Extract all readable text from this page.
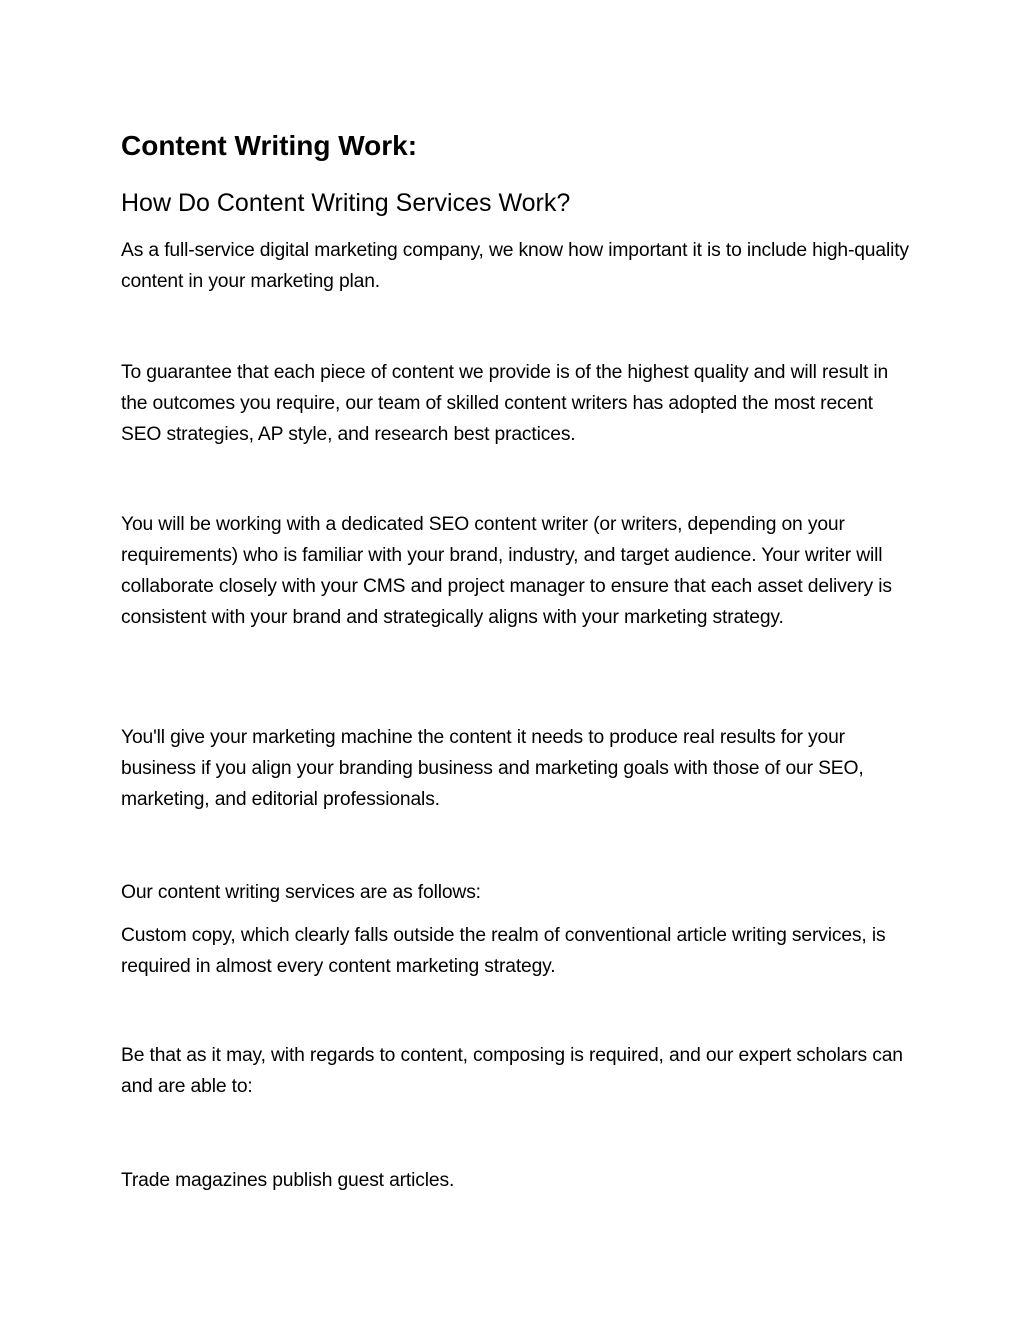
Content Writing Work:
How Do Content Writing Services Work?

As a full-service digital marketing company, we know how important it is to include high-quality content in your marketing plan.

To guarantee that each piece of content we provide is of the highest quality and will result in the outcomes you require, our team of skilled content writers has adopted the most recent SEO strategies, AP style, and research best practices.

You will be working with a dedicated SEO content writer (or writers, depending on your requirements) who is familiar with your brand, industry, and target audience. Your writer will collaborate closely with your CMS and project manager to ensure that each asset delivery is consistent with your brand and strategically aligns with your marketing strategy.

You'll give your marketing machine the content it needs to produce real results for your business if you align your branding business and marketing goals with those of our SEO, marketing, and editorial professionals.

Our content writing services are as follows:

Custom copy, which clearly falls outside the realm of conventional article writing services, is required in almost every content marketing strategy.

Be that as it may, with regards to content, composing is required, and our expert scholars can and are able to:

Trade magazines publish guest articles.
